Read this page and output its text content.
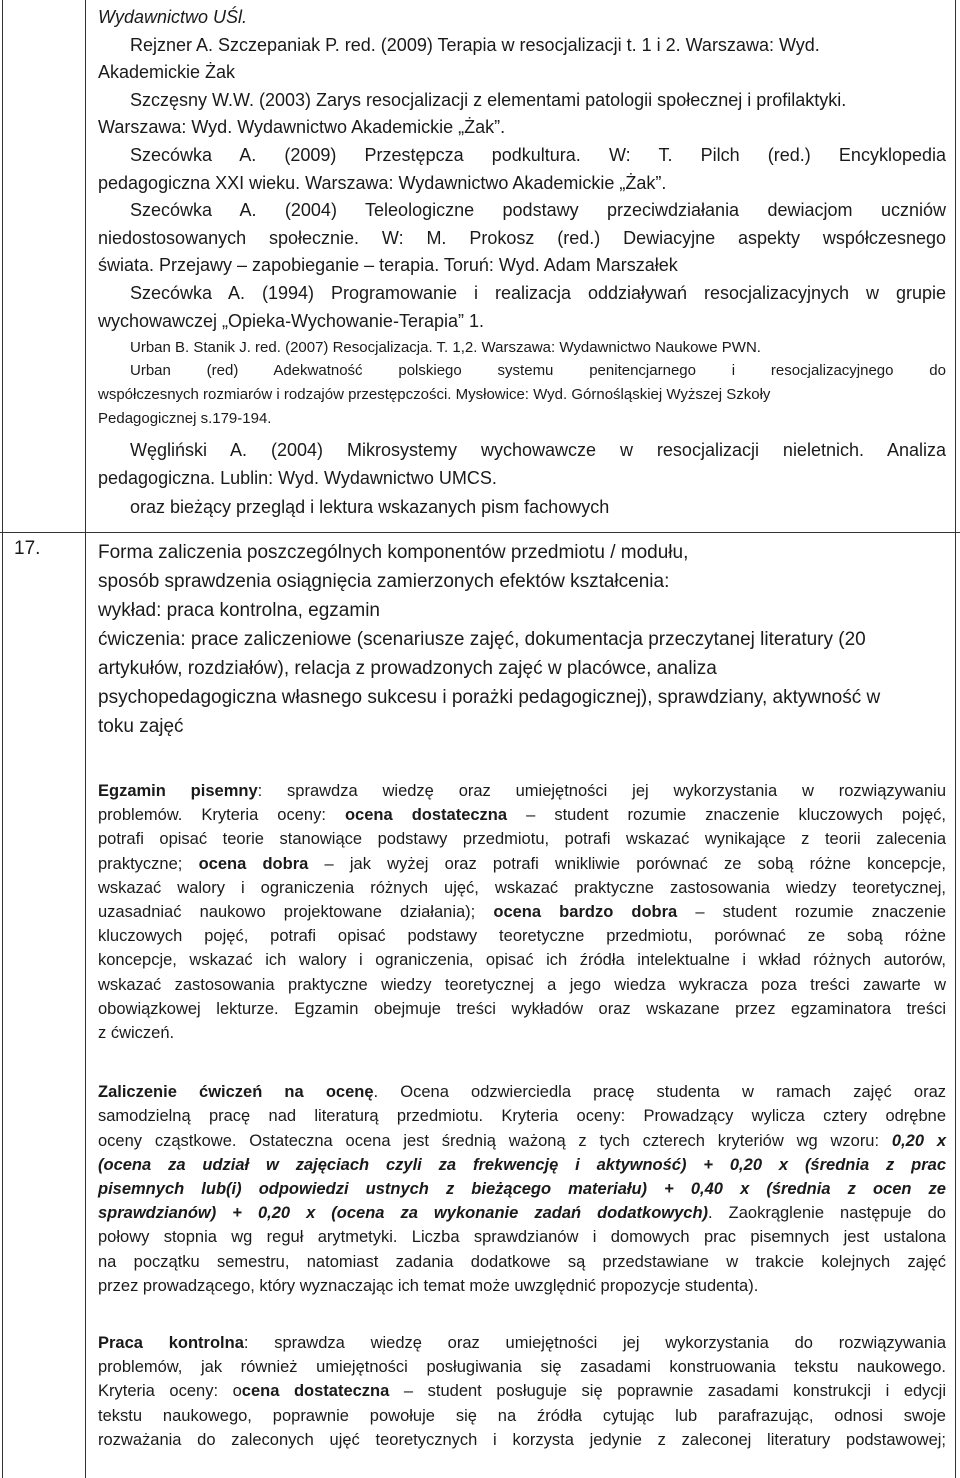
Wydawnictwo UŚl.
Rejzner A. Szczepaniak P. red. (2009) Terapia w resocjalizacji t. 1 i 2. Warszawa: Wyd.
Akademickie Żak
Szczęsny W.W. (2003) Zarys resocjalizacji z elementami patologii społecznej i profilaktyki.
Warszawa: Wyd. Wydawnictwo Akademickie „Żak”.
Szecówka A. (2009) Przestępcza podkultura. W: T. Pilch (red.) Encyklopedia
pedagogiczna XXI wieku. Warszawa: Wydawnictwo Akademickie „Żak”.
Szecówka A. (2004) Teleologiczne podstawy przeciwdziałania dewiacjom uczniów
niedostosowanych społecznie. W: M. Prokosz (red.) Dewiacyjne aspekty współczesnego
świata. Przejawy – zapobieganie – terapia. Toruń: Wyd. Adam Marszałek
Szecówka A. (1994) Programowanie i realizacja oddziaływań resocjalizacyjnych w grupie
wychowawczej „Opieka-Wychowanie-Terapia” 1.
Urban B. Stanik J. red. (2007) Resocjalizacja. T. 1,2. Warszawa: Wydawnictwo Naukowe PWN.
Urban (red) Adekwatność polskiego systemu penitencjarnego i resocjalizacyjnego do
współczesnych rozmiarów i rodzajów przestępczości. Mysłowice: Wyd. Górnośląskiej Wyższej Szkoły
Pedagogicznej s.179-194.
Węgliński A. (2004) Mikrosystemy wychowawcze w resocjalizacji nieletnich. Analiza
pedagogiczna. Lublin: Wyd. Wydawnictwo UMCS.
oraz bieżący przegląd i lektura wskazanych pism fachowych
17.	Forma zaliczenia poszczególnych komponentów przedmiotu / modułu,
sposób sprawdzenia osiągnięcia zamierzonych efektów kształcenia:
wykład: praca kontrolna, egzamin
ćwiczenia: prace zaliczeniowe (scenariusze zajęć, dokumentacja przeczytanej literatury (20
artykułów, rozdziałów), relacja z prowadzonych zajęć w placówce, analiza
psychopedagogiczna własnego sukcesu i porażki pedagogicznej), sprawdziany, aktywność w
toku zajęć
Egzamin pisemny: sprawdza wiedzę oraz umiejętności jej wykorzystania w rozwiązywaniu
problemów. Kryteria oceny: ocena dostateczna – student rozumie znaczenie kluczowych pojęć,
potrafi opisać teorie stanowiące podstawy przedmiotu, potrafi wskazać wynikające z teorii zalecenia
praktyczne; ocena dobra – jak wyżej oraz potrafi wnikliwie porównać ze sobą różne koncepcje,
wskazać walory i ograniczenia różnych ujęć, wskazać praktyczne zastosowania wiedzy teoretycznej,
uzasadniać naukowo projektowane działania); ocena bardzo dobra – student rozumie znaczenie
kluczowych pojęć, potrafi opisać podstawy teoretyczne przedmiotu, porównać ze sobą różne
koncepcje, wskazać ich walory i ograniczenia, opisać ich źródła intelektualne i wkład różnych autorów,
wskazać zastosowania praktyczne wiedzy teoretycznej a jego wiedza wykracza poza treści zawarte w
obowiązkowej lekturze. Egzamin obejmuje treści wykładów oraz wskazane przez egzaminatora treści
z ćwiczeń.
Zaliczenie ćwiczeń na ocenę. Ocena odzwierciedla pracę studenta w ramach zajęć oraz
samodzielną pracę nad literaturą przedmiotu. Kryteria oceny: Prowadzący wylicza cztery odrębne
oceny cząstkowe. Ostateczna ocena jest średnią ważoną z tych czterech kryteriów wg wzoru: 0,20 x
(ocena za udział w zajęciach czyli za frekwencję i aktywność) + 0,20 x (średnia z prac
pisemnych lub(i) odpowiedzi ustnych z bieżącego materiału) + 0,40 x (średnia z ocen ze
sprawdzianów) + 0,20 x (ocena za wykonanie zadań dodatkowych). Zaokrąglenie następuje do
połowy stopnia wg reguł arytmetyki. Liczba sprawdzianów i domowych prac pisemnych jest ustalona
na początku semestru, natomiast zadania dodatkowe są przedstawiane w trakcie kolejnych zajęć
przez prowadzącego, który wyznaczając ich temat może uwzględnić propozycje studenta).
Praca kontrolna: sprawdza wiedzę oraz umiejętności jej wykorzystania do rozwiązywania
problemów, jak również umiejętności posługiwania się zasadami konstruowania tekstu naukowego.
Kryteria oceny: ocena dostateczna – student posługuje się poprawnie zasadami konstrukcji i edycji
tekstu naukowego, poprawnie powołuje się na źródła cytując lub parafrazując, odnosi swoje
rozważania do zaleconych ujęć teoretycznych i korzysta jedynie z zaleconej literatury podstawowej;
